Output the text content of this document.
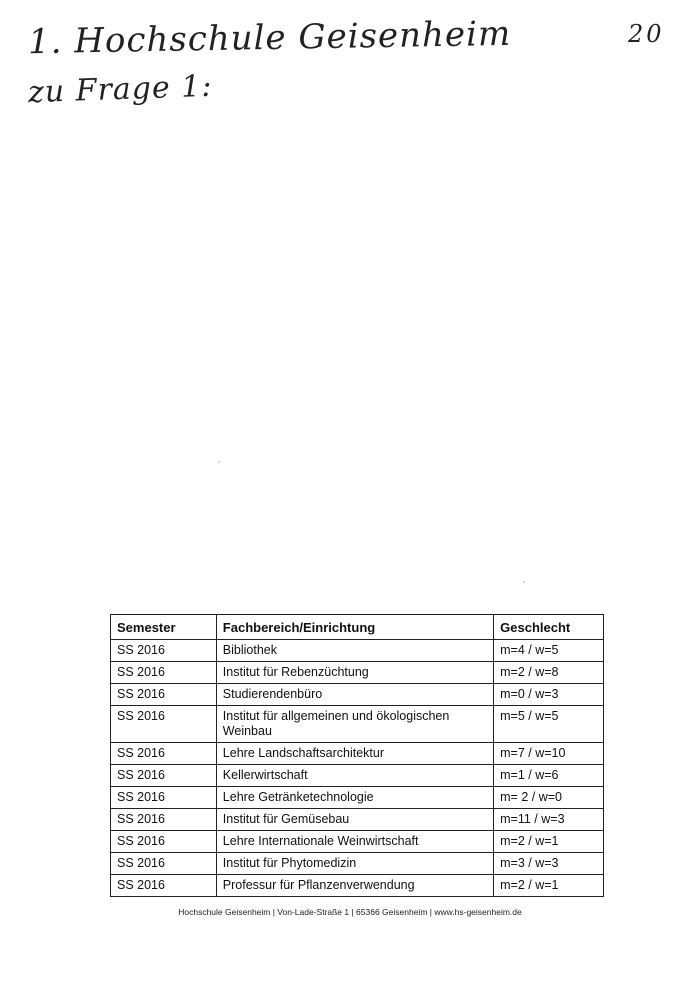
1. Hochschule Geisenheim
zu Frage 1:
20
Semester	Fachbereich/Einrichtung	Geschlecht
SS 2016	Bibliothek	m=4 / w=5
SS 2016	Institut für Rebenzüchtung	m=2 / w=8
SS 2016	Studierendenbüro	m=0 / w=3
SS 2016	Institut für allgemeinen und ökologischen Weinbau	m=5 / w=5
SS 2016	Lehre Landschaftsarchitektur	m=7 / w=10
SS 2016	Kellerwirtschaft	m=1 / w=6
SS 2016	Lehre Getränketechnologie	m= 2 / w=0
SS 2016	Institut für Gemüsebau	m=11 / w=3
SS 2016	Lehre Internationale Weinwirtschaft	m=2 / w=1
SS 2016	Institut für Phytomedizin	m=3 / w=3
SS 2016	Professur für Pflanzenverwendung	m=2 / w=1
Hochschule Geisenheim | Von-Lade-Straße 1 | 65366 Geisenheim | www.hs-geisenheim.de
